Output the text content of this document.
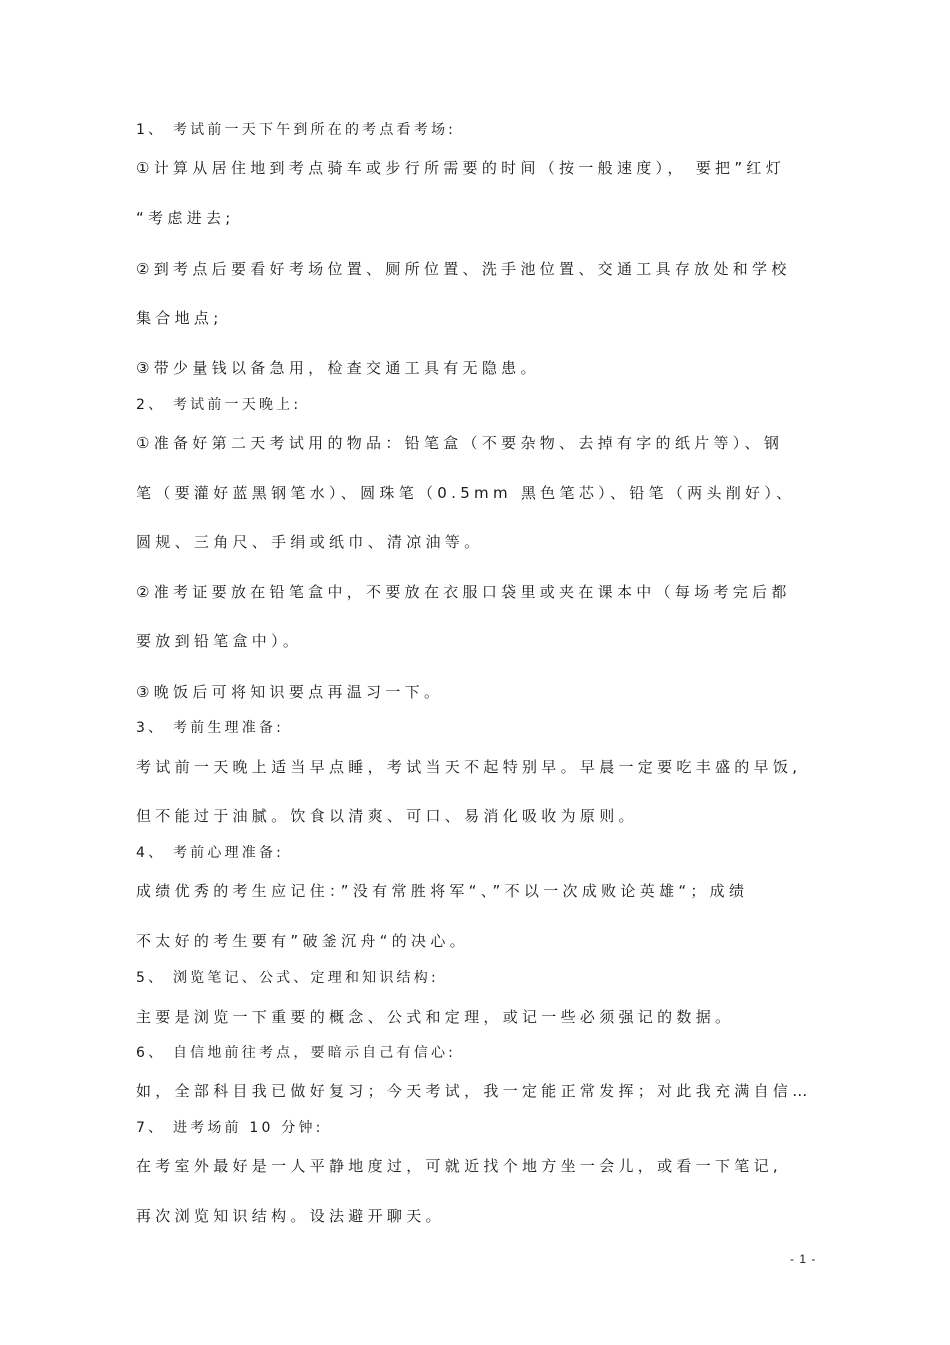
1、 考试前一天下午到所在的考点看考场:
①计算从居住地到考点骑车或步行所需要的时间（按一般速度）， 要把”红灯
“考虑进去;
②到考点后要看好考场位置、厕所位置、洗手池位置、交通工具存放处和学校
集合地点;
③带少量钱以备急用，检查交通工具有无隐患。
2、 考试前一天晚上:
①准备好第二天考试用的物品：铅笔盒（不要杂物、去掉有字的纸片等）、钢
笔（要灌好蓝黑钢笔水）、圆珠笔（0.5mm 黑色笔芯）、铅笔（两头削好）、
圆规、三角尺、手绢或纸巾、清凉油等。
②准考证要放在铅笔盒中，不要放在衣服口袋里或夹在课本中（每场考完后都
要放到铅笔盒中）。
③晚饭后可将知识要点再温习一下。
3、 考前生理准备:
考试前一天晚上适当早点睡，考试当天不起特别早。早晨一定要吃丰盛的早饭,
但不能过于油腻。饮食以清爽、可口、易消化吸收为原则。
4、 考前心理准备:
成绩优秀的考生应记住：”没有常胜将军“、”不以一次成败论英雄“；成绩
不太好的考生要有”破釜沉舟“的决心。
5、 浏览笔记、公式、定理和知识结构:
主要是浏览一下重要的概念、公式和定理，或记一些必须强记的数据。
6、 自信地前往考点，要暗示自己有信心:
如，全部科目我已做好复习；今天考试，我一定能正常发挥；对此我充满自信…
7、 进考场前 10 分钟:
在考室外最好是一人平静地度过，可就近找个地方坐一会儿，或看一下笔记,
再次浏览知识结构。设法避开聊天。
- 1 -
